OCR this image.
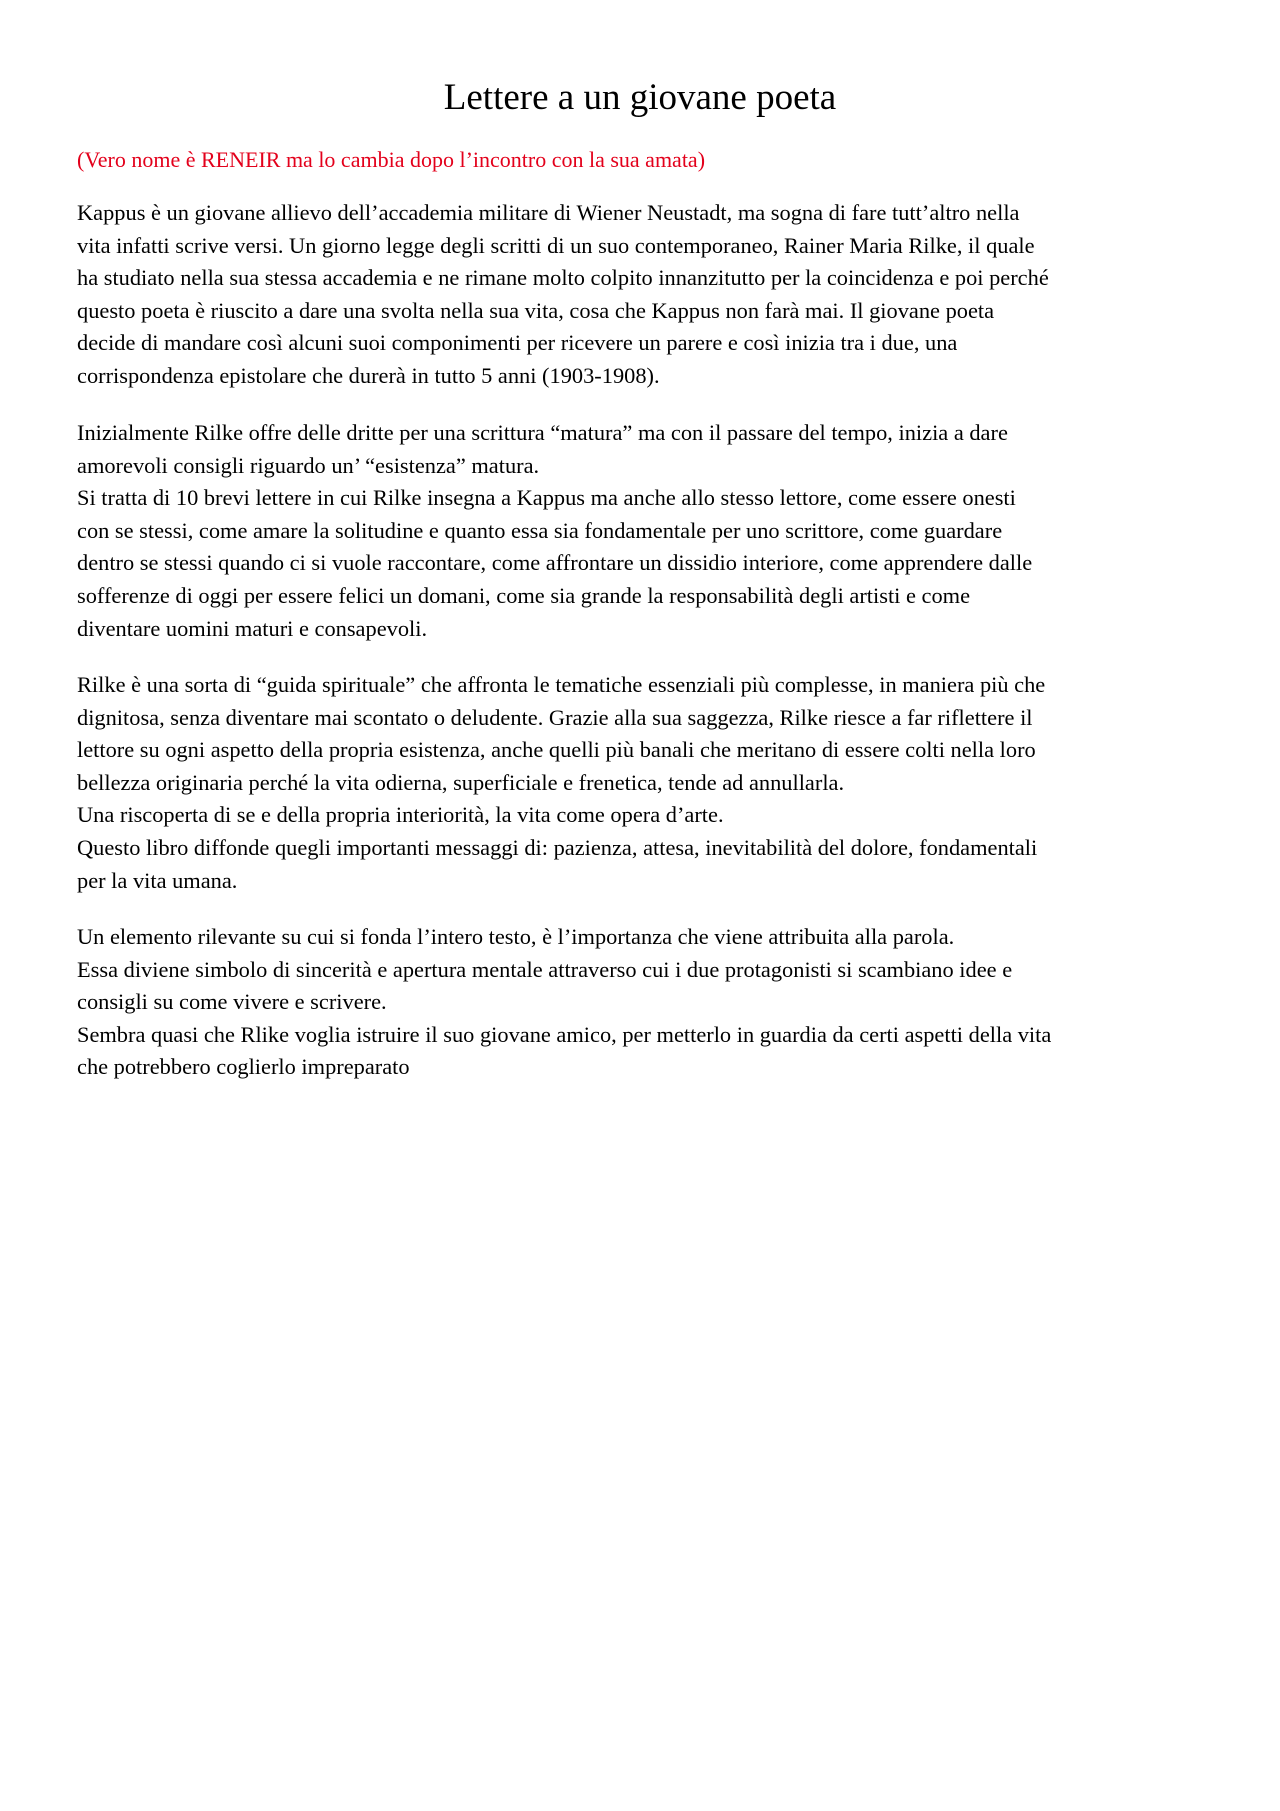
Lettere a un giovane poeta

(Vero nome è RENEIR ma lo cambia dopo l’incontro con la sua amata)

Kappus è un giovane allievo dell’accademia militare di Wiener Neustadt, ma sogna di fare tutt’altro nella
vita infatti scrive versi. Un giorno legge degli scritti di un suo contemporaneo, Rainer Maria Rilke, il quale
ha studiato nella sua stessa accademia e ne rimane molto colpito innanzitutto per la coincidenza e poi perché
questo poeta è riuscito a dare una svolta nella sua vita, cosa che Kappus non farà mai. Il giovane poeta
decide di mandare così alcuni suoi componimenti per ricevere un parere e così inizia tra i due, una
corrispondenza epistolare che durerà in tutto 5 anni (1903-1908).

Inizialmente Rilke offre delle dritte per una scrittura “matura” ma con il passare del tempo, inizia a dare
amorevoli consigli riguardo un’ “esistenza” matura.
Si tratta di 10 brevi lettere in cui Rilke insegna a Kappus ma anche allo stesso lettore, come essere onesti
con se stessi, come amare la solitudine e quanto essa sia fondamentale per uno scrittore, come guardare
dentro se stessi quando ci si vuole raccontare, come affrontare un dissidio interiore, come apprendere dalle
sofferenze di oggi per essere felici un domani, come sia grande la responsabilità degli artisti e come
diventare uomini maturi e consapevoli.

Rilke è una sorta di “guida spirituale” che affronta le tematiche essenziali più complesse, in maniera più che
dignitosa, senza diventare mai scontato o deludente. Grazie alla sua saggezza, Rilke riesce a far riflettere il
lettore su ogni aspetto della propria esistenza, anche quelli più banali che meritano di essere colti nella loro
bellezza originaria perché la vita odierna, superficiale e frenetica, tende ad annullarla.
Una riscoperta di se e della propria interiorità, la vita come opera d’arte.
Questo libro diffonde quegli importanti messaggi di: pazienza, attesa, inevitabilità del dolore, fondamentali
per la vita umana.

Un elemento rilevante su cui si fonda l’intero testo, è l’importanza che viene attribuita alla parola.
Essa diviene simbolo di sincerità e apertura mentale attraverso cui i due protagonisti si scambiano idee e
consigli su come vivere e scrivere.
Sembra quasi che Rlike voglia istruire il suo giovane amico, per metterlo in guardia da certi aspetti della vita
che potrebbero coglierlo impreparato
